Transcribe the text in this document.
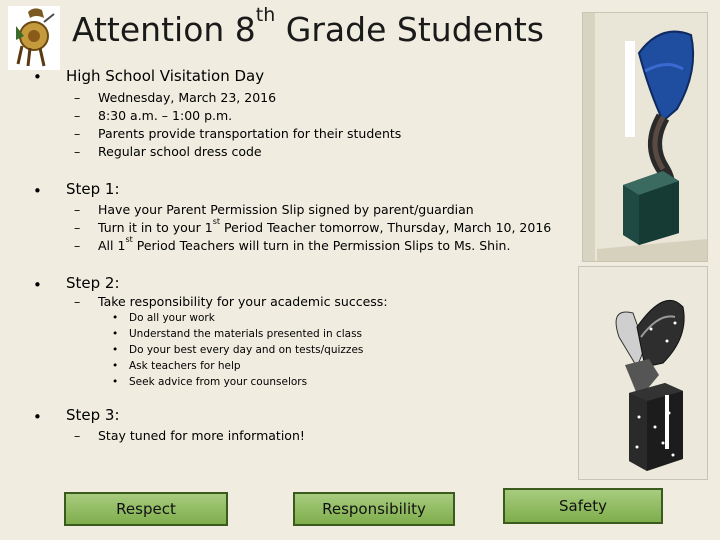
Attention 8th Grade Students
• High School Visitation Day
– Wednesday, March 23, 2016
– 8:30 a.m. – 1:00 p.m.
– Parents provide transportation for their students
– Regular school dress code
• Step 1:
– Have your Parent Permission Slip signed by parent/guardian
– Turn it in to your 1st Period Teacher tomorrow, Thursday, March 10, 2016
– All 1st Period Teachers will turn in the Permission Slips to Ms. Shin.
• Step 2:
– Take responsibility for your academic success:
• Do all your work
• Understand the materials presented in class
• Do your best every day and on tests/quizzes
• Ask teachers for help
• Seek advice from your counselors
• Step 3:
– Stay tuned for more information!
Respect	Responsibility	Safety
